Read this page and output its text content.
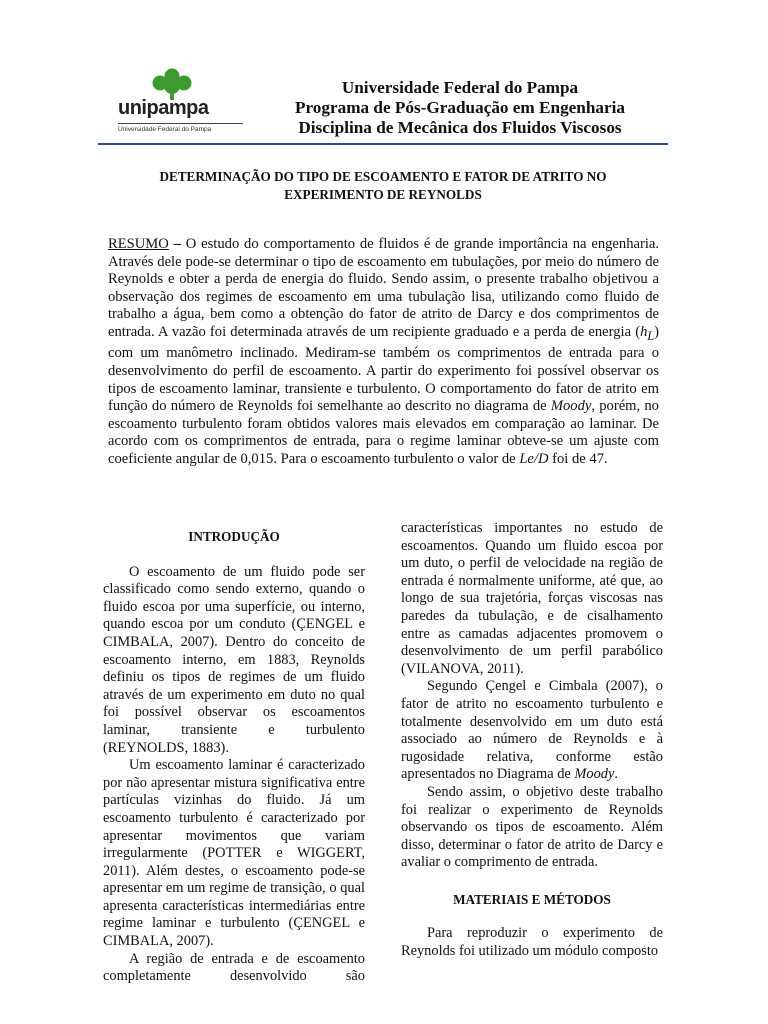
unipampa
Universidade Federal do Pampa
Universidade Federal do Pampa
Programa de Pós-Graduação em Engenharia
Disciplina de Mecânica dos Fluidos Viscosos
DETERMINAÇÃO DO TIPO DE ESCOAMENTO E FATOR DE ATRITO NO
EXPERIMENTO DE REYNOLDS
RESUMO – O estudo do comportamento de fluidos é de grande importância na engenharia. Através dele pode-se determinar o tipo de escoamento em tubulações, por meio do número de Reynolds e obter a perda de energia do fluido. Sendo assim, o presente trabalho objetivou a observação dos regimes de escoamento em uma tubulação lisa, utilizando como fluido de trabalho a água, bem como a obtenção do fator de atrito de Darcy e dos comprimentos de entrada. A vazão foi determinada através de um recipiente graduado e a perda de energia $(h_L)$ com um manômetro inclinado. Mediram-se também os comprimentos de entrada para o desenvolvimento do perfil de escoamento. A partir do experimento foi possível observar os tipos de escoamento laminar, transiente e turbulento. O comportamento do fator de atrito em função do número de Reynolds foi semelhante ao descrito no diagrama de Moody, porém, no escoamento turbulento foram obtidos valores mais elevados em comparação ao laminar. De acordo com os comprimentos de entrada, para o regime laminar obteve-se um ajuste com coeficiente angular de 0,015. Para o escoamento turbulento o valor de Le/D foi de 47.
INTRODUÇÃO

O escoamento de um fluido pode ser classificado como sendo externo, quando o fluido escoa por uma superfície, ou interno, quando escoa por um conduto (ÇENGEL e CIMBALA, 2007). Dentro do conceito de escoamento interno, em 1883, Reynolds definiu os tipos de regimes de um fluido através de um experimento em duto no qual foi possível observar os escoamentos laminar, transiente e turbulento (REYNOLDS, 1883).

Um escoamento laminar é caracterizado por não apresentar mistura significativa entre partículas vizinhas do fluido. Já um escoamento turbulento é caracterizado por apresentar movimentos que variam irregularmente (POTTER e WIGGERT, 2011). Além destes, o escoamento pode-se apresentar em um regime de transição, o qual apresenta características intermediárias entre regime laminar e turbulento (ÇENGEL e CIMBALA, 2007).

A região de entrada e de escoamento completamente desenvolvido são

características importantes no estudo de escoamentos. Quando um fluido escoa por um duto, o perfil de velocidade na região de entrada é normalmente uniforme, até que, ao longo de sua trajetória, forças viscosas nas paredes da tubulação, e de cisalhamento entre as camadas adjacentes promovem o desenvolvimento de um perfil parabólico (VILANOVA, 2011).

Segundo Çengel e Cimbala (2007), o fator de atrito no escoamento turbulento e totalmente desenvolvido em um duto está associado ao número de Reynolds e à rugosidade relativa, conforme estão apresentados no Diagrama de Moody.

Sendo assim, o objetivo deste trabalho foi realizar o experimento de Reynolds observando os tipos de escoamento. Além disso, determinar o fator de atrito de Darcy e avaliar o comprimento de entrada.

MATERIAIS E MÉTODOS

Para reproduzir o experimento de Reynolds foi utilizado um módulo composto
